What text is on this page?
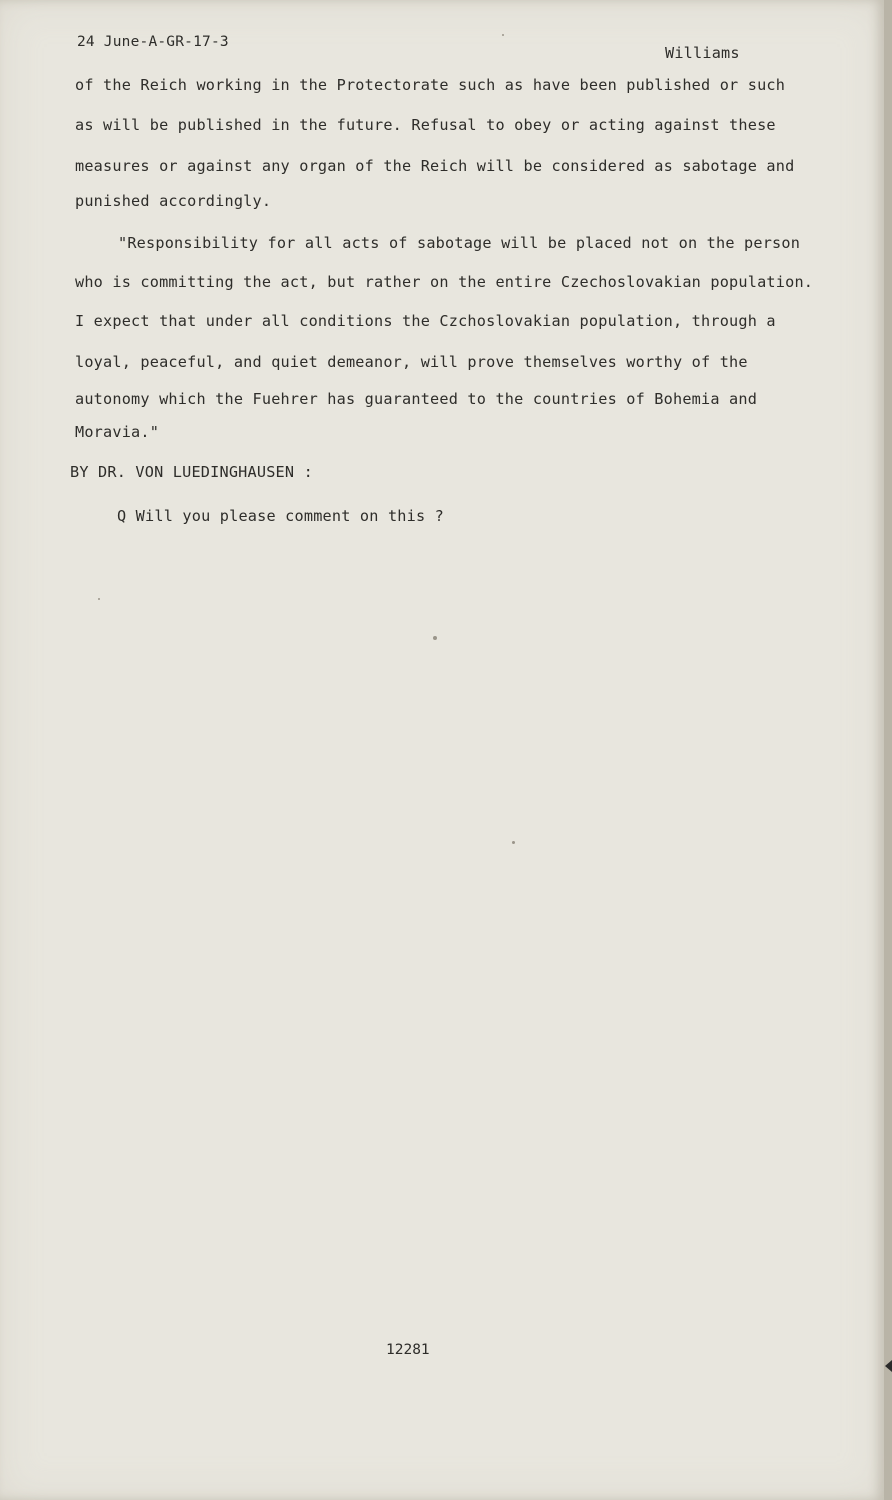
24 June-A-GR-17-3
Williams
of the Reich working in the Protectorate such as have been published or such
as will be published in the future. Refusal to obey or acting against these
measures or against any organ of the Reich will be considered as sabotage and
punished accordingly.
"Responsibility for all acts of sabotage will be placed not on the person
who is committing the act, but rather on the entire Czechoslovakian population.
I expect that under all conditions the Czchoslovakian population, through a
loyal, peaceful, and quiet demeanor, will prove themselves worthy of the
autonomy which the Fuehrer has guaranteed to the countries of Bohemia and
Moravia."
BY DR. VON LUEDINGHAUSEN :
Q Will you please comment on this ?
12281
